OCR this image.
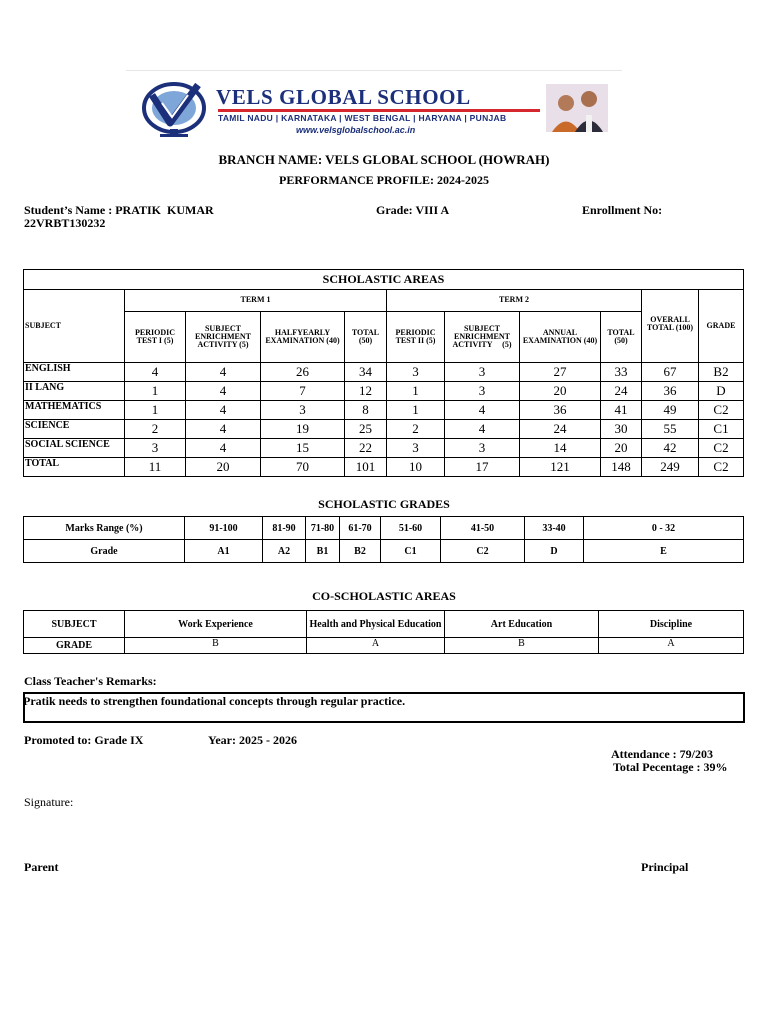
VELS GLOBAL SCHOOL
TAMIL NADU | KARNATAKA | WEST BENGAL | HARYANA | PUNJAB
www.velsglobalschool.ac.in
BRANCH NAME: VELS GLOBAL SCHOOL (HOWRAH)
PERFORMANCE PROFILE: 2024-2025
Student’s Name : PRATIK  KUMAR	Grade: VIII A	Enrollment No:
22VRBT130232
SCHOLASTIC AREAS										
SUBJECT	TERM 1				TERM 2				OVERALL TOTAL (100)	GRADE
	PERIODIC TEST I (5)	SUBJECT ENRICHMENT ACTIVITY (5)	HALFYEARLY EXAMINATION (40)	TOTAL (50)	PERIODIC TEST II (5)	SUBJECT ENRICHMENT ACTIVITY     (5)	ANNUAL EXAMINATION (40)	TOTAL (50)		
ENGLISH	4	4	26	34	3	3	27	33	67	B2
II LANG	1	4	7	12	1	3	20	24	36	D
MATHEMATICS	1	4	3	8	1	4	36	41	49	C2
SCIENCE	2	4	19	25	2	4	24	30	55	C1
SOCIAL SCIENCE	3	4	15	22	3	3	14	20	42	C2
TOTAL	11	20	70	101	10	17	121	148	249	C2
SCHOLASTIC GRADES
Marks Range (%)	91-100	81-90	71-80	61-70	51-60	41-50	33-40	0 - 32
Grade	A1	A2	B1	B2	C1	C2	D	E
CO-SCHOLASTIC AREAS
SUBJECT	Work Experience	Health and Physical Education	Art Education	Discipline
GRADE	B	A	B	A
Class Teacher's Remarks:
Pratik needs to strengthen foundational concepts through regular practice.
Promoted to: Grade IX	Year: 2025 - 2026
Attendance : 79/203
Total Pecentage : 39%
Signature:
Parent	Principal
